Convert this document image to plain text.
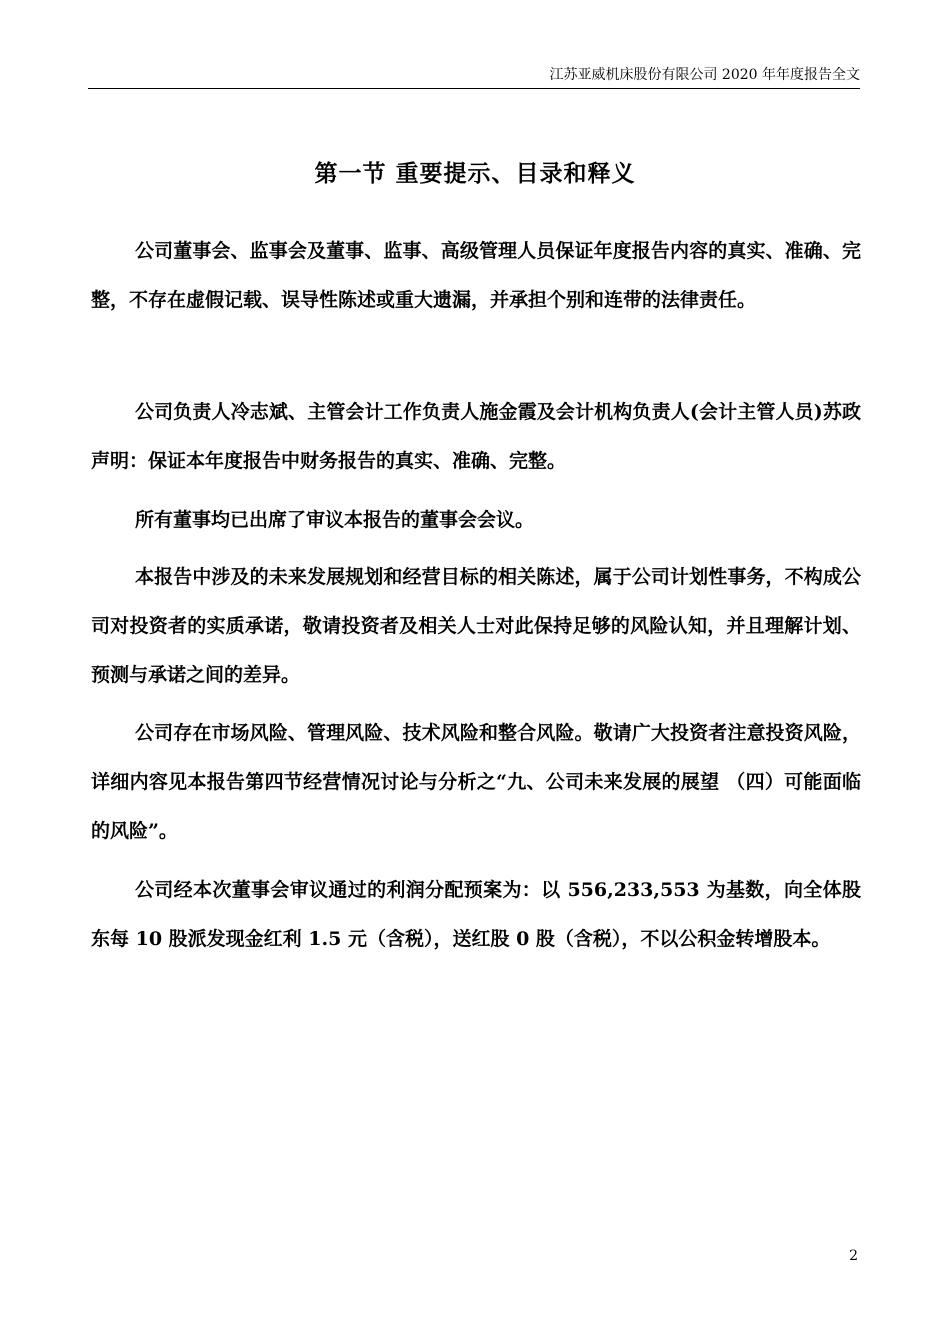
江苏亚威机床股份有限公司 2020 年年度报告全文
第一节 重要提示、目录和释义

公司董事会、监事会及董事、监事、高级管理人员保证年度报告内容的真实、准确、完整，不存在虚假记载、误导性陈述或重大遗漏，并承担个别和连带的法律责任。

公司负责人冷志斌、主管会计工作负责人施金霞及会计机构负责人(会计主管人员)苏政声明：保证本年度报告中财务报告的真实、准确、完整。

所有董事均已出席了审议本报告的董事会会议。

本报告中涉及的未来发展规划和经营目标的相关陈述，属于公司计划性事务，不构成公司对投资者的实质承诺，敬请投资者及相关人士对此保持足够的风险认知，并且理解计划、预测与承诺之间的差异。

公司存在市场风险、管理风险、技术风险和整合风险。敬请广大投资者注意投资风险，详细内容见本报告第四节经营情况讨论与分析之“九、公司未来发展的展望 （四）可能面临的风险”。

公司经本次董事会审议通过的利润分配预案为：以 556,233,553 为基数，向全体股东每 10 股派发现金红利 1.5 元（含税），送红股 0 股（含税），不以公积金转增股本。

2
